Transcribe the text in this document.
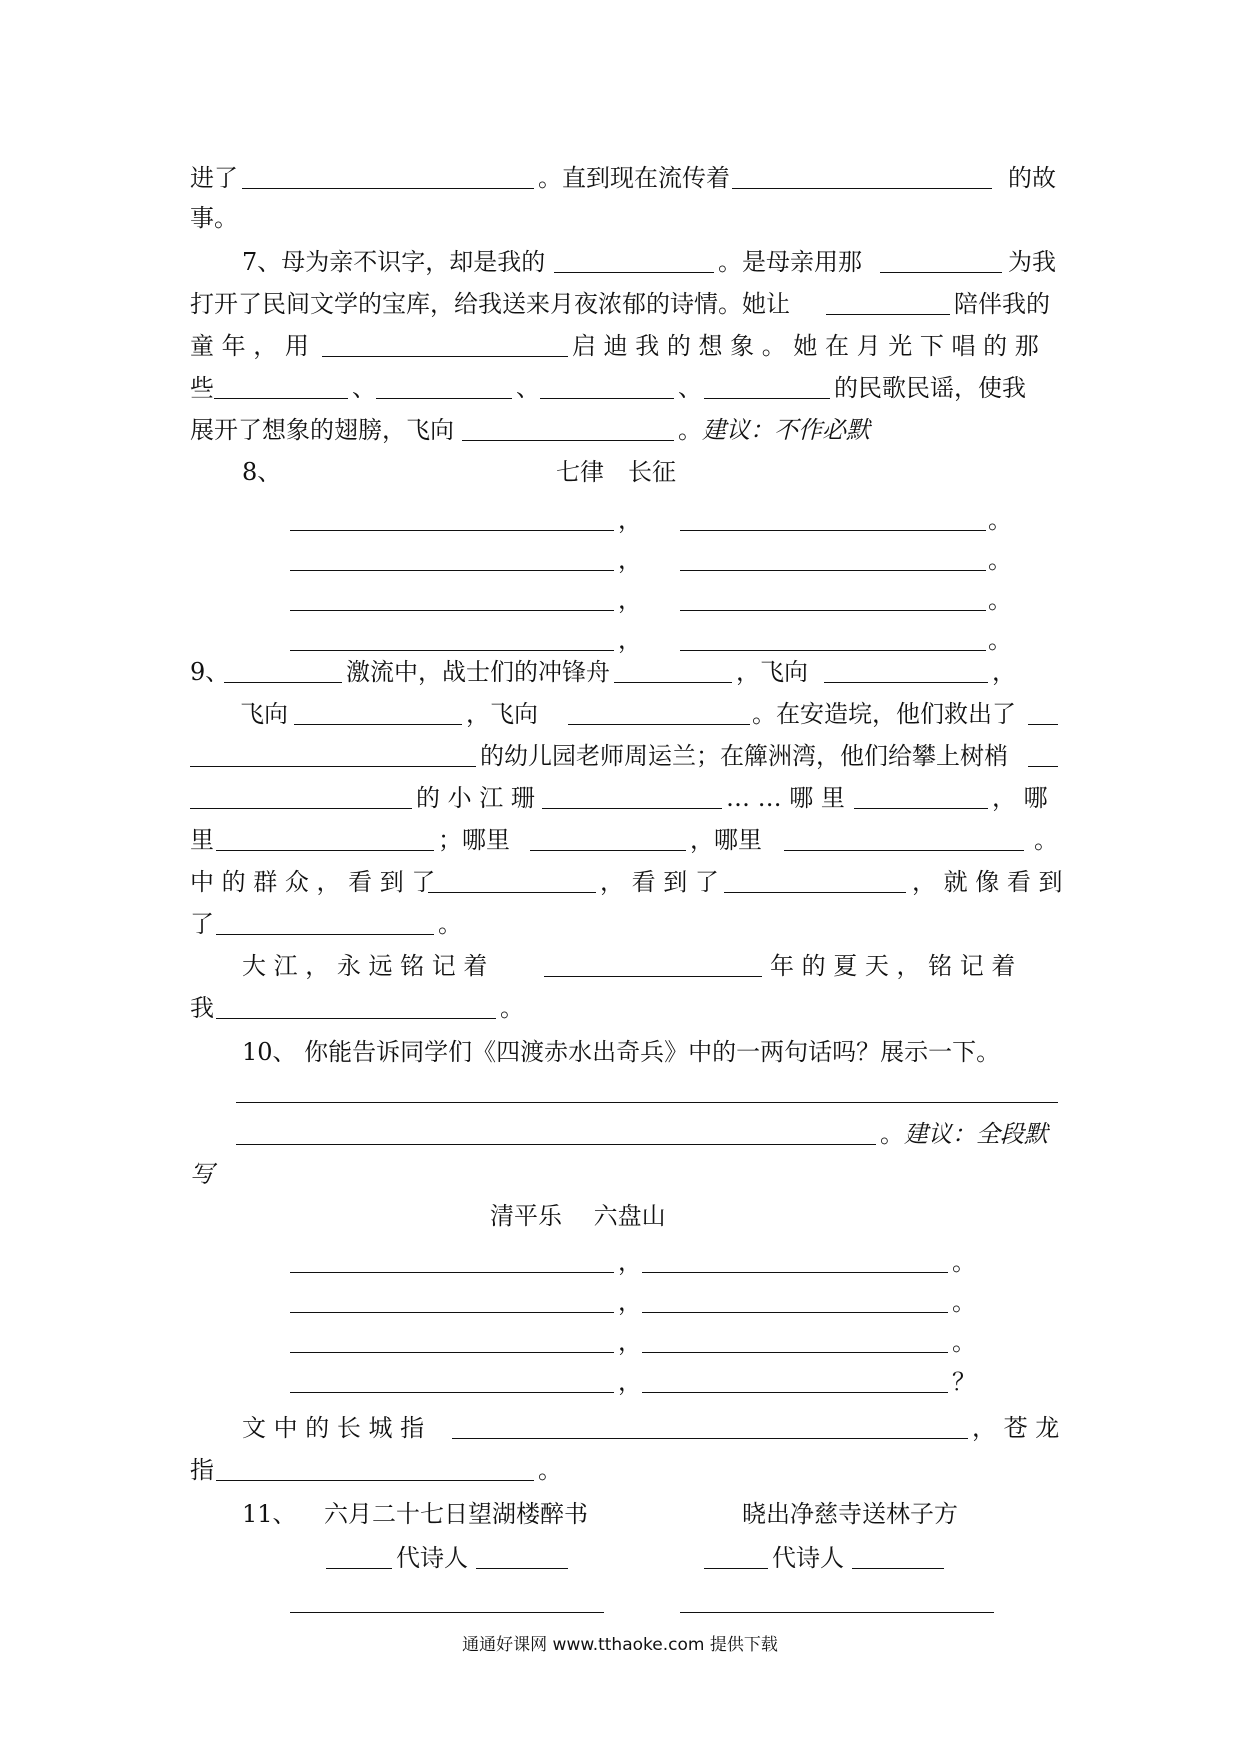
进了	。直到现在流传着	的故
事。
7、母为亲不识字，却是我的	。是母亲用那	为我
打开了民间文学的宝库，给我送来月夜浓郁的诗情。她让	陪伴我的
童 年 ， 用	启 迪 我 的 想 象 。 她 在 月 光 下 唱 的 那
些	、	、	、	的民歌民谣，使我
展开了想象的翅膀，飞向	。 建议：不作必默
8、	七律　长征
，	。
，	。
，	。
，	。
9、	激流中，战士们的冲锋舟	，飞向	，
飞向	，飞向	。在安造垸，他们救出了
的幼儿园老师周运兰；在簰洲湾，他们给攀上树梢
的 小 江 珊	… … 哪 里	， 哪
里	；哪里	，哪里	。
中 的 群 众 ， 看 到 了	， 看 到 了	， 就 像 看 到
了	。
大 江 ， 永 远 铭 记 着	年 的 夏 天 ， 铭 记 着
我	。
10、 你能告诉同学们《四渡赤水出奇兵》中的一两句话吗？展示一下。
。 建议：全段默
写
清平乐　 六盘山
，	。
，	。
，	。
，	？
文 中 的 长 城 指	， 苍 龙
指	。
11、 六月二十七日望湖楼醉书	晓出净慈寺送林子方
代诗人	代诗人
通通好课网 www.tthaoke.com 提供下载
